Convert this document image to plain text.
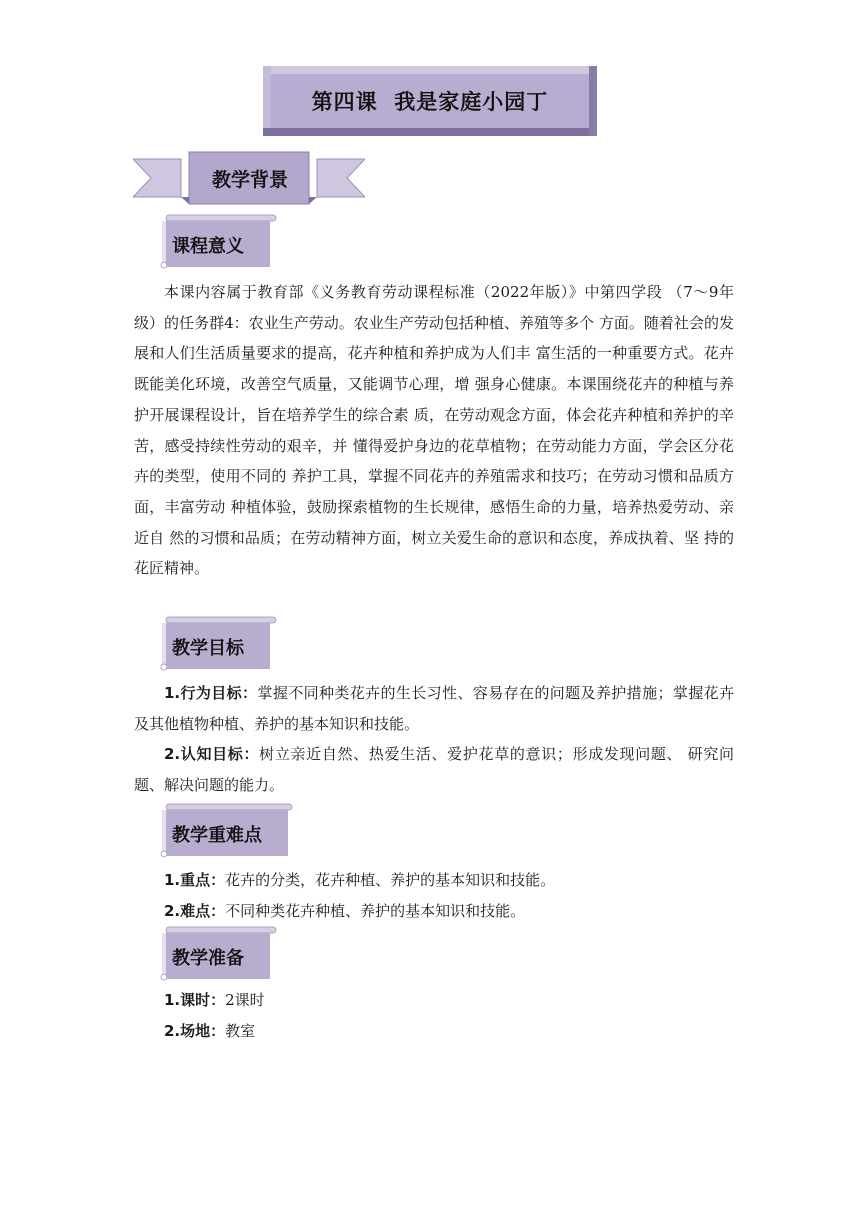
第四课  我是家庭小园丁
教学背景
课程意义
本课内容属于教育部《义务教育劳动课程标准（2022年版）》中第四学段 （7～9年级）的任务群4：农业生产劳动。农业生产劳动包括种植、养殖等多个 方面。随着社会的发展和人们生活质量要求的提高，花卉种植和养护成为人们丰 富生活的一种重要方式。花卉既能美化环境，改善空气质量，又能调节心理，增 强身心健康。本课围绕花卉的种植与养护开展课程设计，旨在培养学生的综合素 质，在劳动观念方面，体会花卉种植和养护的辛苦，感受持续性劳动的艰辛，并 懂得爱护身边的花草植物；在劳动能力方面，学会区分花卉的类型，使用不同的 养护工具，掌握不同花卉的养殖需求和技巧；在劳动习惯和品质方面，丰富劳动 种植体验，鼓励探索植物的生长规律，感悟生命的力量，培养热爱劳动、亲近自 然的习惯和品质；在劳动精神方面，树立关爱生命的意识和态度，养成执着、坚 持的花匠精神。
教学目标
1.行为目标：掌握不同种类花卉的生长习性、容易存在的问题及养护措施；掌握花卉及其他植物种植、养护的基本知识和技能。
2.认知目标：树立亲近自然、热爱生活、爱护花草的意识；形成发现问题、 研究问题、解决问题的能力。
教学重难点
1.重点：花卉的分类，花卉种植、养护的基本知识和技能。
2.难点：不同种类花卉种植、养护的基本知识和技能。
教学准备
1.课时：2课时
2.场地：教室
